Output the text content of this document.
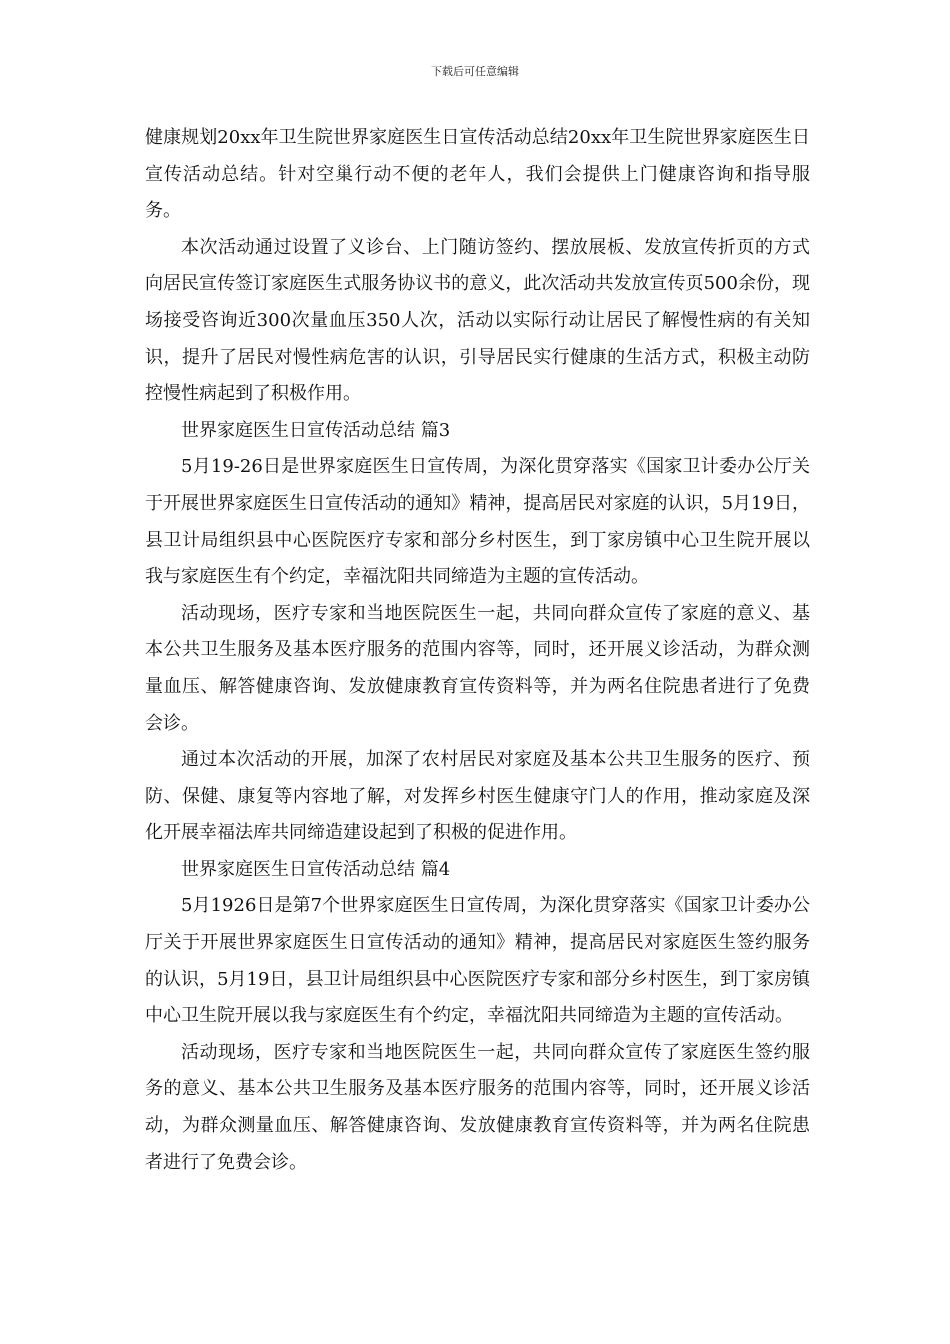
下载后可任意编辑

健康规划20xx年卫生院世界家庭医生日宣传活动总结20xx年卫生院世界家庭医生日宣传活动总结。针对空巢行动不便的老年人，我们会提供上门健康咨询和指导服务。

本次活动通过设置了义诊台、上门随访签约、摆放展板、发放宣传折页的方式向居民宣传签订家庭医生式服务协议书的意义，此次活动共发放宣传页500余份，现场接受咨询近300次量血压350人次，活动以实际行动让居民了解慢性病的有关知识，提升了居民对慢性病危害的认识，引导居民实行健康的生活方式，积极主动防控慢性病起到了积极作用。

世界家庭医生日宣传活动总结 篇3

5月19-26日是世界家庭医生日宣传周，为深化贯穿落实《国家卫计委办公厅关于开展世界家庭医生日宣传活动的通知》精神，提高居民对家庭的认识，5月19日，县卫计局组织县中心医院医疗专家和部分乡村医生，到丁家房镇中心卫生院开展以我与家庭医生有个约定，幸福沈阳共同缔造为主题的宣传活动。

活动现场，医疗专家和当地医院医生一起，共同向群众宣传了家庭的意义、基本公共卫生服务及基本医疗服务的范围内容等，同时，还开展义诊活动，为群众测量血压、解答健康咨询、发放健康教育宣传资料等，并为两名住院患者进行了免费会诊。

通过本次活动的开展，加深了农村居民对家庭及基本公共卫生服务的医疗、预防、保健、康复等内容地了解，对发挥乡村医生健康守门人的作用，推动家庭及深化开展幸福法库共同缔造建设起到了积极的促进作用。

世界家庭医生日宣传活动总结 篇4

5月1926日是第7个世界家庭医生日宣传周，为深化贯穿落实《国家卫计委办公厅关于开展世界家庭医生日宣传活动的通知》精神，提高居民对家庭医生签约服务的认识，5月19日，县卫计局组织县中心医院医疗专家和部分乡村医生，到丁家房镇中心卫生院开展以我与家庭医生有个约定，幸福沈阳共同缔造为主题的宣传活动。

活动现场，医疗专家和当地医院医生一起，共同向群众宣传了家庭医生签约服务的意义、基本公共卫生服务及基本医疗服务的范围内容等，同时，还开展义诊活动，为群众测量血压、解答健康咨询、发放健康教育宣传资料等，并为两名住院患者进行了免费会诊。
